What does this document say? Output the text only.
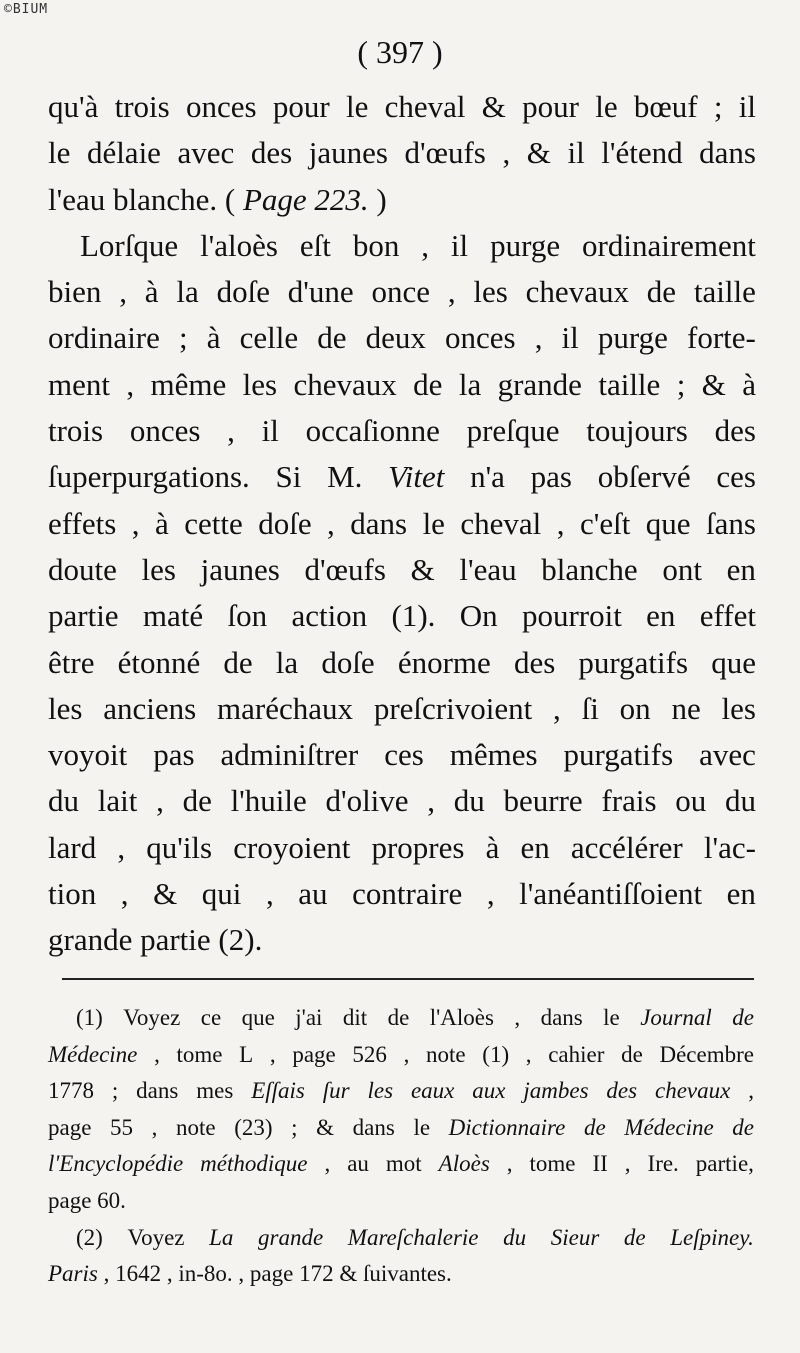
©BIUM
( 397 )
qu'à trois onces pour le cheval & pour le bœuf ; il
le délaie avec des jaunes d'œufs , & il l'étend dans
l'eau
blanche.
(
Page
223.
)

Lorſque l'aloès eſt bon , il purge ordinairement
bien , à la doſe d'une once , les chevaux de taille
ordinaire ; à celle de deux onces , il purge forte-
ment , même les chevaux de la grande taille ; & à
trois onces , il occaſionne preſque toujours des
ſuperpurgations. Si M. Vitet n'a pas obſervé ces
effets , à cette doſe , dans le cheval , c'eſt que ſans
doute les jaunes d'œufs & l'eau blanche ont en
partie maté ſon action (1). On pourroit en effet
être étonné de la doſe énorme des purgatifs que
les anciens maréchaux preſcrivoient , ſi on ne les
voyoit pas adminiſtrer ces mêmes purgatifs avec
du lait , de l'huile d'olive , du beurre frais ou du
lard , qu'ils croyoient propres à en accélérer l'ac-
tion , & qui , au contraire , l'anéantiſſoient en
grande
partie
(2).

(1) Voyez ce que j'ai dit de l'Aloès , dans le Journal de
Médecine , tome L , page 526 , note (1) , cahier de Décembre
1778 ; dans mes Eſſais ſur les eaux aux jambes des chevaux ,
page 55 , note (23) ; & dans le Dictionnaire de Médecine de
l'Encyclopédie méthodique , au mot Aloès , tome II , Ire. partie,
page
60.

(2) Voyez La grande Mareſchalerie du Sieur de Leſpiney.
Paris
,
1642
,
in-8o.
,
page
172
&
ſuivantes.
